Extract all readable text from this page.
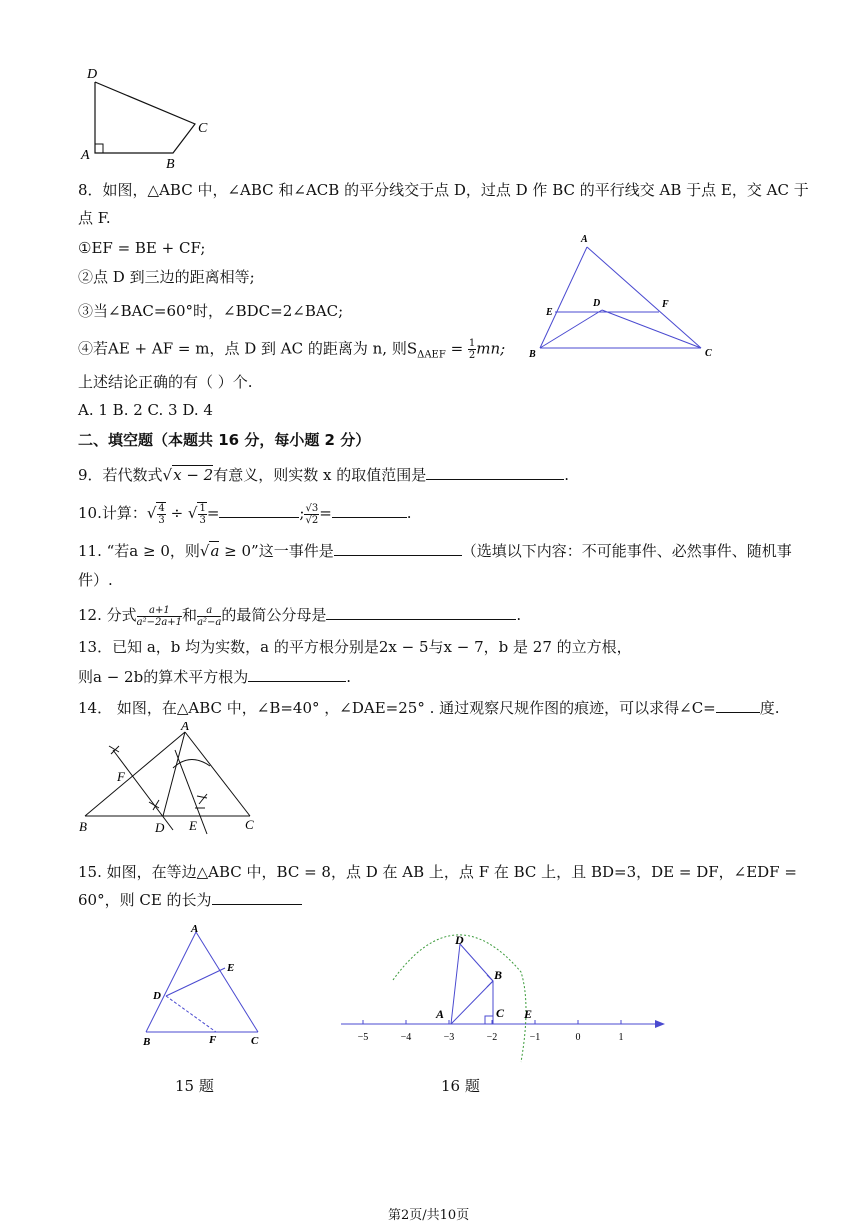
D
A
B
C
8．如图，△ABC 中，∠ABC 和∠ACB 的平分线交于点 D，过点 D 作 BC 的平行线交 AB 于点 E，交 AC 于
点 F.
①EF = BE + CF;
②点 D 到三边的距离相等;
③当∠BAC=60°时，∠BDC=2∠BAC;
④若AE + AF = m，点 D 到 AC 的距离为 n, 则$S_{\Delta AEF} = \frac{1}{2}$ mn;
上述结论正确的有（ ）个.
A. 1 B. 2 C. 3 D. 4
A
E
D	F
B	C
二、填空题（本题共 16 分，每小题 2 分）
9．若代数式√x − 2有意义，则实数 x 的取值范围是	.
10.计算：√ $\frac{4}{3}$ ÷ √ $\frac{1}{3}$ =	; $\frac{√3}{√2}$ =	.
11. “若a ≥ 0，则√a ≥ 0”这一事件是	（选填以下内容：不可能事件、必然事件、随机事
件）.
12. 分式 $\frac{a+1}{\text{a²−2a+1}}$ 和 $\frac{a}{\text{a²−a}}$ 的最简公分母是	.
13．已知 a，b 均为实数，a 的平方根分别是2x − 5与x − 7，b 是 27 的立方根，
则a − 2b的算术平方根为	.
14． 如图，在△ABC 中，∠B=40° ，∠DAE=25° . 通过观察尺规作图的痕迹，可以求得∠C=	度.
A
F
B	D E	C
15. 如图，在等边△ABC 中，BC = 8，点 D 在 AB 上，点 F 在 BC 上，且 BD=3，DE = DF，∠EDF =
60°，则 CE 的长为
A
E
D
B	F	C
15 题
−5	−4	−3	−2	−1	0	1
D
B
A	C E
16 题
第2页/共10页
